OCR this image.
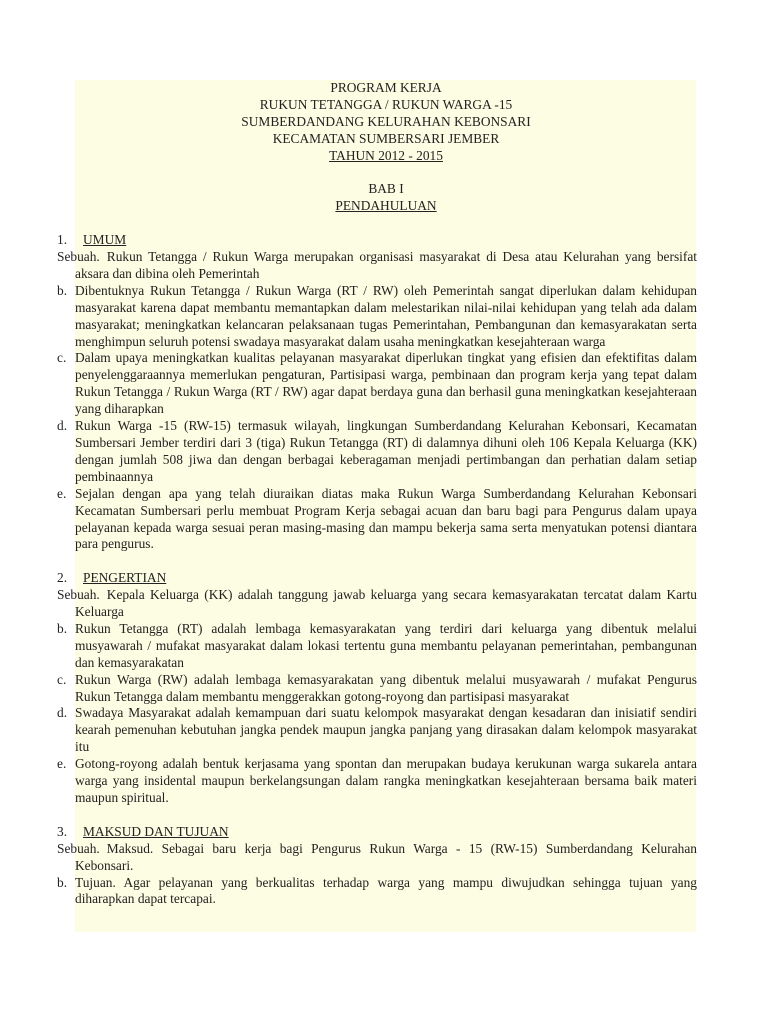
PROGRAM KERJA
RUKUN TETANGGA / RUKUN WARGA -15
SUMBERDANDANG KELURAHAN KEBONSARI
KECAMATAN SUMBERSARI JEMBER
TAHUN 2012 - 2015
BAB I
PENDAHULUAN
1.	UMUM
Sebuah. Rukun Tetangga / Rukun Warga merupakan organisasi masyarakat di Desa atau Kelurahan yang bersifat aksara dan dibina oleh Pemerintah
b. Dibentuknya Rukun Tetangga / Rukun Warga (RT / RW) oleh Pemerintah sangat diperlukan dalam kehidupan masyarakat karena dapat membantu memantapkan dalam melestarikan nilai-nilai kehidupan yang telah ada dalam masyarakat; meningkatkan kelancaran pelaksanaan tugas Pemerintahan, Pembangunan dan kemasyarakatan serta menghimpun seluruh potensi swadaya masyarakat dalam usaha meningkatkan kesejahteraan warga
c. Dalam upaya meningkatkan kualitas pelayanan masyarakat diperlukan tingkat yang efisien dan efektifitas dalam penyelenggaraannya memerlukan pengaturan, Partisipasi warga, pembinaan dan program kerja yang tepat dalam Rukun Tetangga / Rukun Warga (RT / RW) agar dapat berdaya guna dan berhasil guna meningkatkan kesejahteraan yang diharapkan
d. Rukun Warga -15 (RW-15) termasuk wilayah, lingkungan Sumberdandang Kelurahan Kebonsari, Kecamatan Sumbersari Jember terdiri dari 3 (tiga) Rukun Tetangga (RT) di dalamnya dihuni oleh 106 Kepala Keluarga (KK) dengan jumlah 508 jiwa dan dengan berbagai keberagaman menjadi pertimbangan dan perhatian dalam setiap pembinaannya
e. Sejalan dengan apa yang telah diuraikan diatas maka Rukun Warga Sumberdandang Kelurahan Kebonsari Kecamatan Sumbersari perlu membuat Program Kerja sebagai acuan dan baru bagi para Pengurus dalam upaya pelayanan kepada warga sesuai peran masing-masing dan mampu bekerja sama serta menyatukan potensi diantara para pengurus.
2.	PENGERTIAN
Sebuah. Kepala Keluarga (KK) adalah tanggung jawab keluarga yang secara kemasyarakatan tercatat dalam Kartu Keluarga
b. Rukun Tetangga (RT) adalah lembaga kemasyarakatan yang terdiri dari keluarga yang dibentuk melalui musyawarah / mufakat masyarakat dalam lokasi tertentu guna membantu pelayanan pemerintahan, pembangunan dan kemasyarakatan
c. Rukun Warga (RW) adalah lembaga kemasyarakatan yang dibentuk melalui musyawarah / mufakat Pengurus Rukun Tetangga dalam membantu menggerakkan gotong-royong dan partisipasi masyarakat
d. Swadaya Masyarakat adalah kemampuan dari suatu kelompok masyarakat dengan kesadaran dan inisiatif sendiri kearah pemenuhan kebutuhan jangka pendek maupun jangka panjang yang dirasakan dalam kelompok masyarakat itu
e. Gotong-royong adalah bentuk kerjasama yang spontan dan merupakan budaya kerukunan warga sukarela antara warga yang insidental maupun berkelangsungan dalam rangka meningkatkan kesejahteraan bersama baik materi maupun spiritual.
3.	MAKSUD DAN TUJUAN
Sebuah. Maksud. Sebagai baru kerja bagi Pengurus Rukun Warga - 15 (RW-15) Sumberdandang Kelurahan Kebonsari.
b. Tujuan. Agar pelayanan yang berkualitas terhadap warga yang mampu diwujudkan sehingga tujuan yang diharapkan dapat tercapai.
